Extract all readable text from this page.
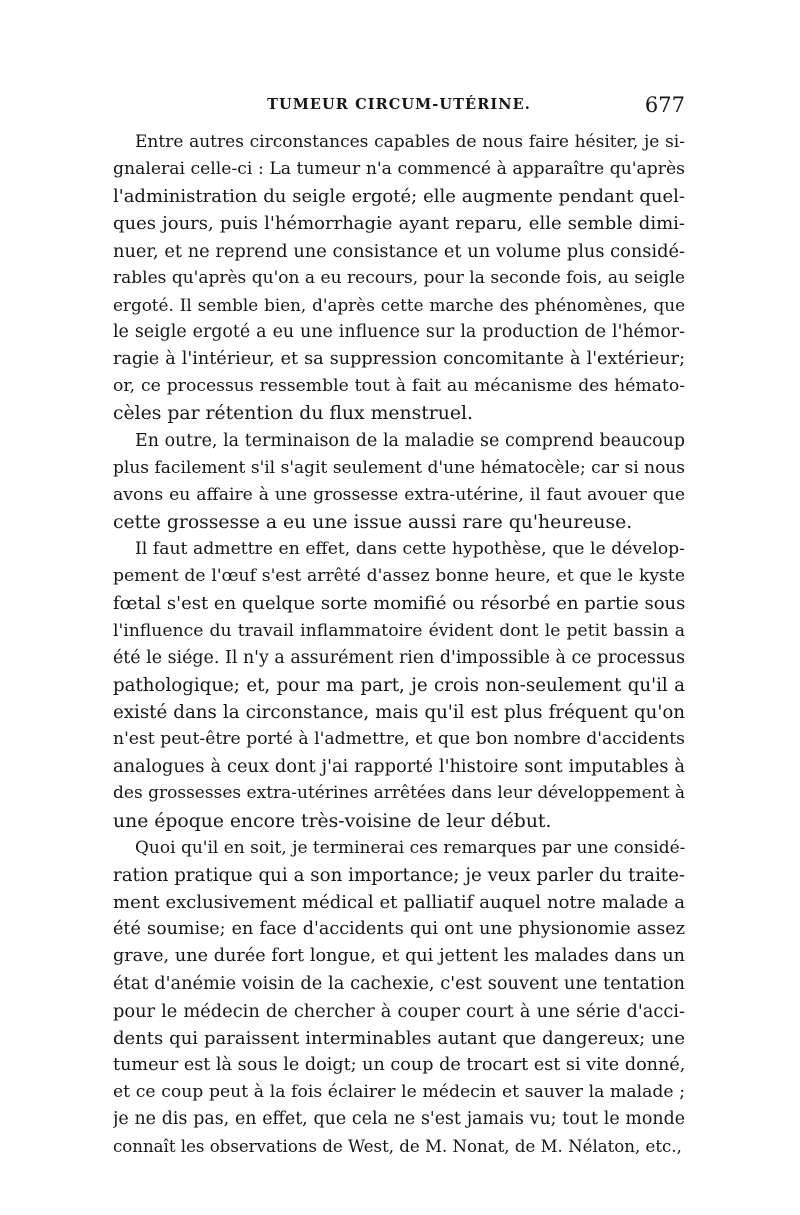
TUMEUR CIRCUM-UTÉRINE.	677
Entre autres circonstances capables de nous faire hésiter, je si-
gnalerai celle-ci : La tumeur n'a commencé à apparaître qu'après
l'administration du seigle ergoté; elle augmente pendant quel-
ques jours, puis l'hémorrhagie ayant reparu, elle semble dimi-
nuer, et ne reprend une consistance et un volume plus considé-
rables qu'après qu'on a eu recours, pour la seconde fois, au seigle
ergoté. Il semble bien, d'après cette marche des phénomènes, que
le seigle ergoté a eu une influence sur la production de l'hémor-
ragie à l'intérieur, et sa suppression concomitante à l'extérieur;
or, ce processus ressemble tout à fait au mécanisme des hémato-
cèles par rétention du flux menstruel.
En outre, la terminaison de la maladie se comprend beaucoup
plus facilement s'il s'agit seulement d'une hématocèle; car si nous
avons eu affaire à une grossesse extra-utérine, il faut avouer que
cette grossesse a eu une issue aussi rare qu'heureuse.
Il faut admettre en effet, dans cette hypothèse, que le dévelop-
pement de l'œuf s'est arrêté d'assez bonne heure, et que le kyste
fœtal s'est en quelque sorte momifié ou résorbé en partie sous
l'influence du travail inflammatoire évident dont le petit bassin a
été le siége. Il n'y a assurément rien d'impossible à ce processus
pathologique; et, pour ma part, je crois non-seulement qu'il a
existé dans la circonstance, mais qu'il est plus fréquent qu'on
n'est peut-être porté à l'admettre, et que bon nombre d'accidents
analogues à ceux dont j'ai rapporté l'histoire sont imputables à
des grossesses extra-utérines arrêtées dans leur développement à
une époque encore très-voisine de leur début.
Quoi qu'il en soit, je terminerai ces remarques par une considé-
ration pratique qui a son importance; je veux parler du traite-
ment exclusivement médical et palliatif auquel notre malade a
été soumise; en face d'accidents qui ont une physionomie assez
grave, une durée fort longue, et qui jettent les malades dans un
état d'anémie voisin de la cachexie, c'est souvent une tentation
pour le médecin de chercher à couper court à une série d'acci-
dents qui paraissent interminables autant que dangereux; une
tumeur est là sous le doigt; un coup de trocart est si vite donné,
et ce coup peut à la fois éclairer le médecin et sauver la malade ;
je ne dis pas, en effet, que cela ne s'est jamais vu; tout le monde
connaît les observations de West, de M. Nonat, de M. Nélaton, etc.,
